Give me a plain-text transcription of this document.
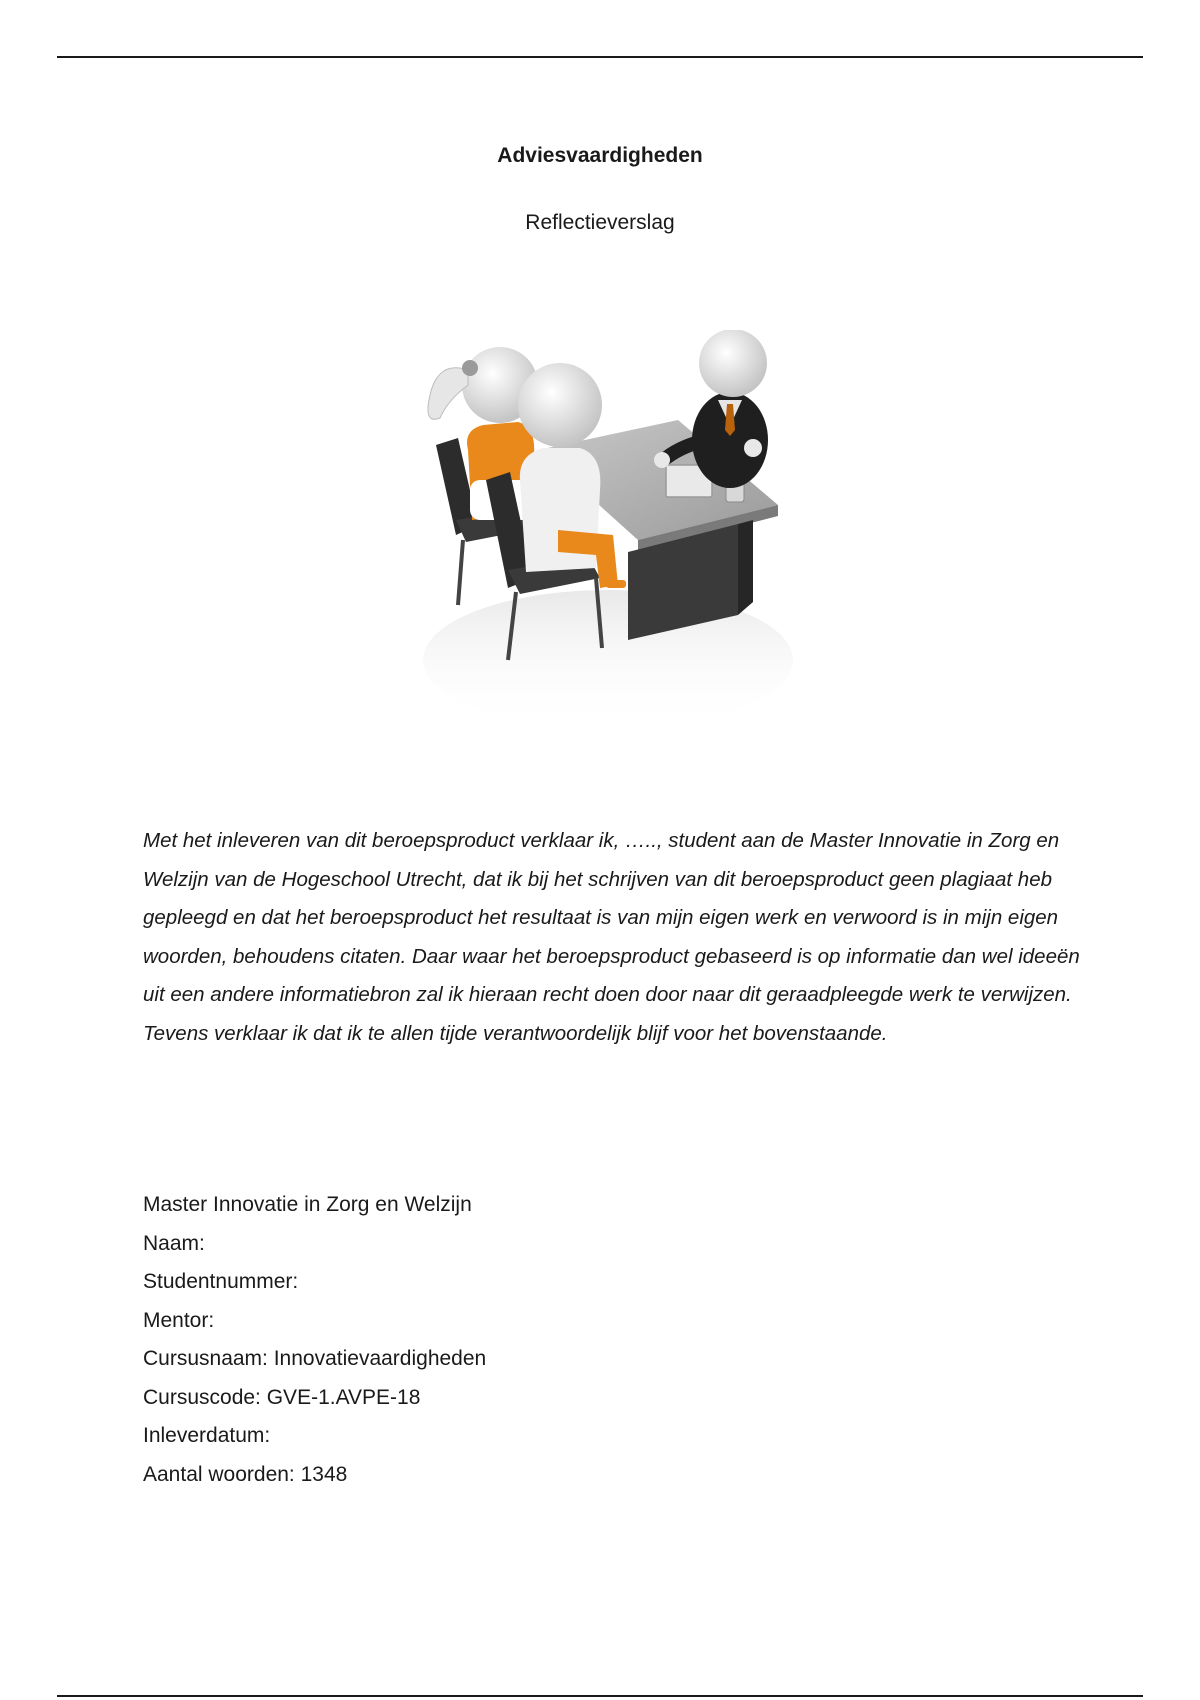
Adviesvaardigheden
Reflectieverslag

Met het inleveren van dit beroepsproduct verklaar ik, ….., student aan de Master Innovatie in Zorg en Welzijn van de Hogeschool Utrecht, dat ik bij het schrijven van dit beroepsproduct geen plagiaat heb gepleegd en dat het beroepsproduct het resultaat is van mijn eigen werk en verwoord is in mijn eigen woorden, behoudens citaten. Daar waar het beroepsproduct gebaseerd is op informatie dan wel ideeën uit een andere informatiebron zal ik hieraan recht doen door naar dit geraadpleegde werk te verwijzen. Tevens verklaar ik dat ik te allen tijde verantwoordelijk blijf voor het bovenstaande.

Master Innovatie in Zorg en Welzijn
Naam:
Studentnummer:
Mentor:
Cursusnaam: Innovatievaardigheden
Cursuscode: GVE-1.AVPE-18
Inleverdatum:
Aantal woorden: 1348
